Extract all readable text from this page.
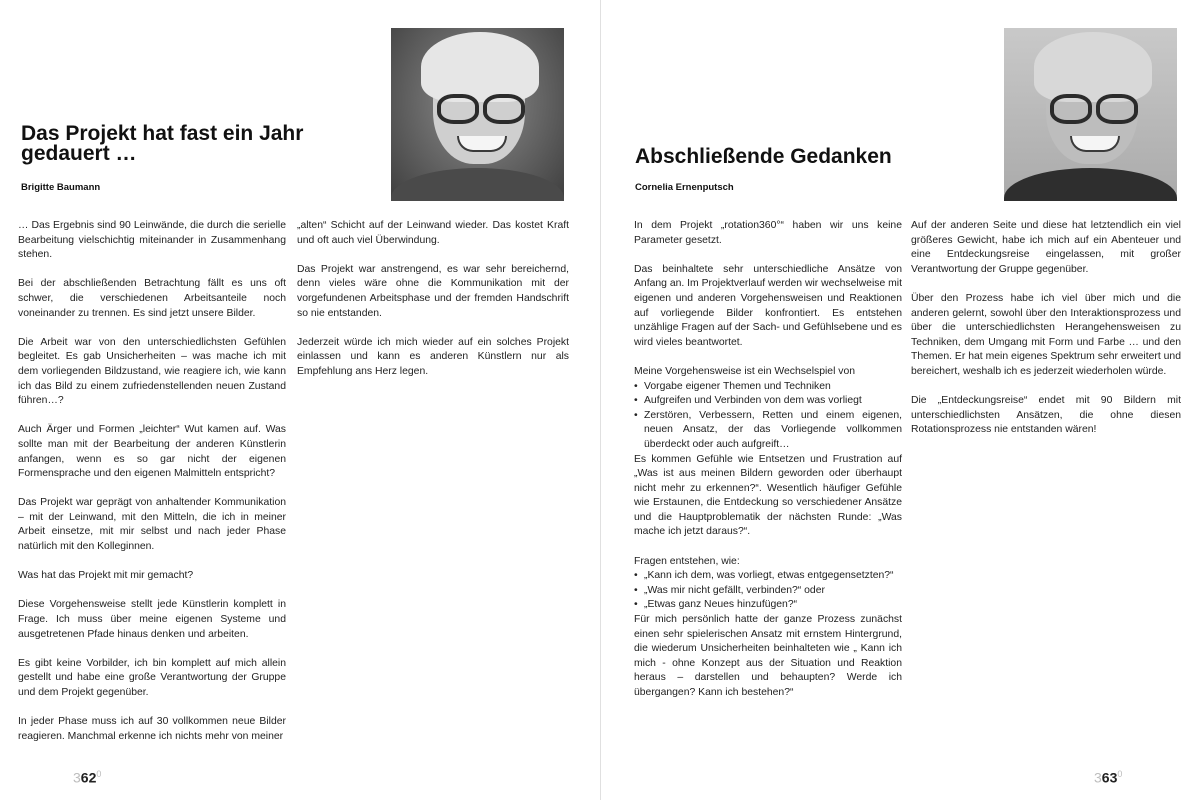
Das Projekt hat fast ein Jahr gedauert …
Brigitte Baumann

… Das Ergebnis sind 90 Leinwände, die durch die serielle Bearbeitung vielschichtig miteinander in Zusammenhang stehen.

Bei der abschließenden Betrachtung fällt es uns oft schwer, die verschiedenen Arbeitsanteile noch voneinander zu trennen. Es sind jetzt unsere Bilder.

Die Arbeit war von den unterschiedlichsten Gefühlen begleitet. Es gab Unsicherheiten – was mache ich mit dem vorliegenden Bildzustand, wie reagiere ich, wie kann ich das Bild zu einem zufriedenstellenden neuen Zustand führen…?

Auch Ärger und Formen „leichter“ Wut kamen auf. Was sollte man mit der Bearbeitung der anderen Künstlerin anfangen, wenn es so gar nicht der eigenen Formensprache und den eigenen Malmitteln entspricht?

Das Projekt war geprägt von anhaltender Kommunikation – mit der Leinwand, mit den Mitteln, die ich in meiner Arbeit einsetze, mit mir selbst und nach jeder Phase natürlich mit den Kolleginnen.

Was hat das Projekt mit mir gemacht?

Diese Vorgehensweise stellt jede Künstlerin komplett in Frage. Ich muss über meine eigenen Systeme und ausgetretenen Pfade hinaus denken und arbeiten.

Es gibt keine Vorbilder, ich bin komplett auf mich allein gestellt und habe eine große Verantwortung der Gruppe und dem Projekt gegenüber.

In jeder Phase muss ich auf 30 vollkommen neue Bilder reagieren. Manchmal erkenne ich nichts mehr von meiner

„alten“ Schicht auf der Leinwand wieder. Das kostet Kraft und oft auch viel Überwindung.

Das Projekt war anstrengend, es war sehr bereichernd, denn vieles wäre ohne die Kommunikation mit der vorgefundenen Arbeitsphase und der fremden Handschrift so nie entstanden.

Jederzeit würde ich mich wieder auf ein solches Projekt einlassen und kann es anderen Künstlern nur als Empfehlung ans Herz legen.

$362^0$
Abschließende Gedanken
Cornelia Ernenputsch

In dem Projekt „rotation360°“ haben wir uns keine Parameter gesetzt.

Das beinhaltete sehr unterschiedliche Ansätze von Anfang an. Im Projektverlauf werden wir wechselweise mit eigenen und anderen Vorgehensweisen und Reaktionen auf vorliegende Bilder konfrontiert. Es entstehen unzählige Fragen auf der Sach- und Gefühlsebene und es wird vieles beantwortet.

Meine Vorgehensweise ist ein Wechselspiel von
• Vorgabe eigener Themen und Techniken
• Aufgreifen und Verbinden von dem was vorliegt
• Zerstören, Verbessern, Retten und einem eigenen, neuen Ansatz, der das Vorliegende vollkommen überdeckt oder auch aufgreift…

Es kommen Gefühle wie Entsetzen und Frustration auf „Was ist aus meinen Bildern geworden oder überhaupt nicht mehr zu erkennen?“. Wesentlich häufiger Gefühle wie Erstaunen, die Entdeckung so verschiedener Ansätze und die Hauptproblematik der nächsten Runde: „Was mache ich jetzt daraus?“.

Fragen entstehen, wie:
• „Kann ich dem, was vorliegt, etwas entgegensetzten?“
• „Was mir nicht gefällt, verbinden?“ oder
• „Etwas ganz Neues hinzufügen?“

Für mich persönlich hatte der ganze Prozess zunächst einen sehr spielerischen Ansatz mit ernstem Hintergrund, die wiederum Unsicherheiten beinhalteten wie „ Kann ich mich - ohne Konzept aus der Situation und Reaktion heraus – darstellen und behaupten? Werde ich übergangen? Kann ich bestehen?“

Auf der anderen Seite und diese hat letztendlich ein viel größeres Gewicht, habe ich mich auf ein Abenteuer und eine Entdeckungsreise eingelassen, mit großer Verantwortung der Gruppe gegenüber.

Über den Prozess habe ich viel über mich und die anderen gelernt, sowohl über den Interaktionsprozess und über die unterschiedlichsten Herangehensweisen zu Techniken, dem Umgang mit Form und Farbe … und den Themen. Er hat mein eigenes Spektrum sehr erweitert und bereichert, weshalb ich es jederzeit wiederholen würde.

Die „Entdeckungsreise“ endet mit 90 Bildern mit unterschiedlichsten Ansätzen, die ohne diesen Rotationsprozess nie entstanden wären!

$363^0$
